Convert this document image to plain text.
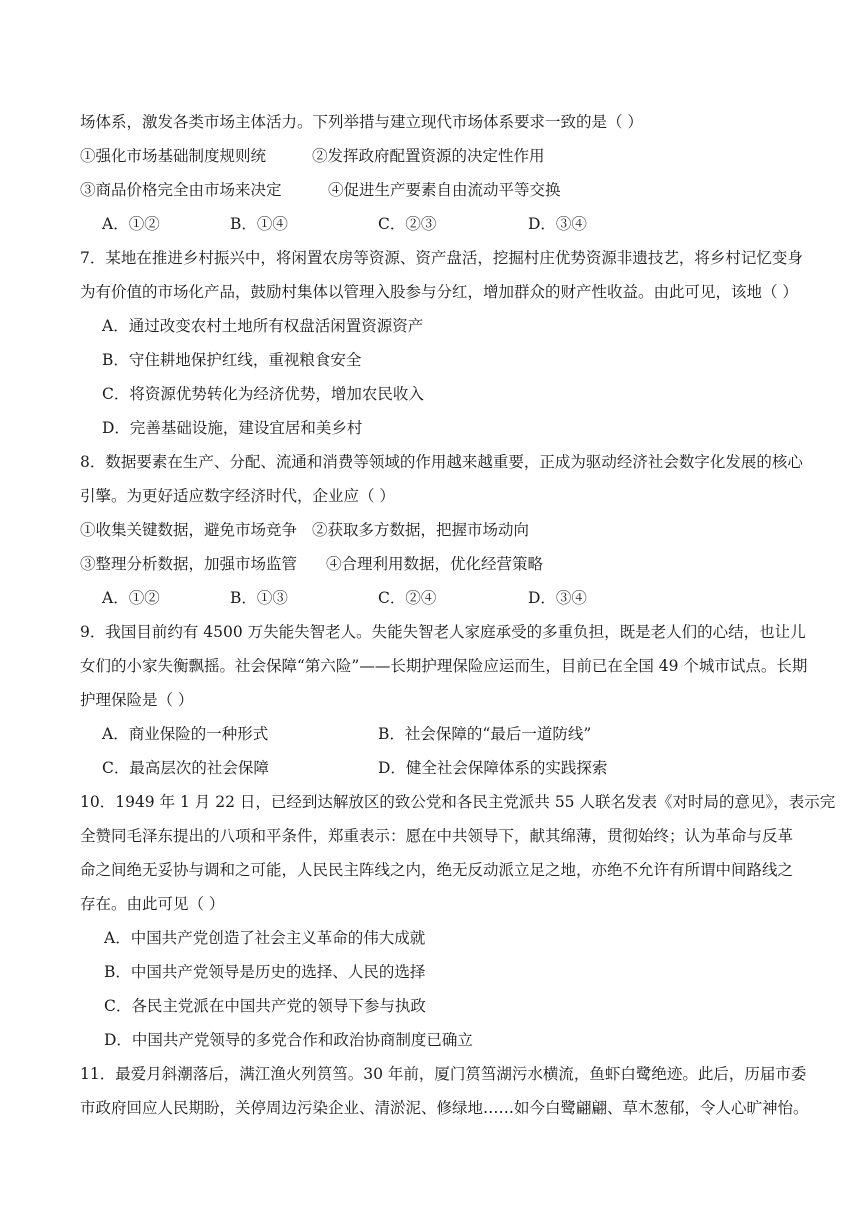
场体系，激发各类市场主体活力。下列举措与建立现代市场体系要求一致的是（ ）
①强化市场基础制度规则统	②发挥政府配置资源的决定性作用
③商品价格完全由市场来决定	④促进生产要素自由流动平等交换
A．①②	B．①④	C．②③	D．③④
7．某地在推进乡村振兴中，将闲置农房等资源、资产盘活，挖掘村庄优势资源非遗技艺，将乡村记忆变身
为有价值的市场化产品，鼓励村集体以管理入股参与分红，增加群众的财产性收益。由此可见，该地（ ）
A．通过改变农村土地所有权盘活闲置资源资产
B．守住耕地保护红线，重视粮食安全
C．将资源优势转化为经济优势，增加农民收入
D．完善基础设施，建设宜居和美乡村
8．数据要素在生产、分配、流通和消费等领域的作用越来越重要，正成为驱动经济社会数字化发展的核心
引擎。为更好适应数字经济时代，企业应（ ）
①收集关键数据，避免市场竞争 ②获取多方数据，把握市场动向
③整理分析数据，加强市场监管 ④合理利用数据，优化经营策略
A．①②	B．①③	C．②④	D．③④
9．我国目前约有 4500 万失能失智老人。失能失智老人家庭承受的多重负担，既是老人们的心结，也让儿
女们的小家失衡飘摇。社会保障“第六险”——长期护理保险应运而生，目前已在全国 49 个城市试点。长期
护理保险是（ ）
A．商业保险的一种形式	B．社会保障的“最后一道防线”
C．最高层次的社会保障	D．健全社会保障体系的实践探索
10．1949 年 1 月 22 日，已经到达解放区的致公党和各民主党派共 55 人联名发表《对时局的意见》，表示完
全赞同毛泽东提出的八项和平条件，郑重表示：愿在中共领导下，献其绵薄，贯彻始终；认为革命与反革
命之间绝无妥协与调和之可能，人民民主阵线之内，绝无反动派立足之地，亦绝不允许有所谓中间路线之
存在。由此可见（ ）
A．中国共产党创造了社会主义革命的伟大成就
B．中国共产党领导是历史的选择、人民的选择
C．各民主党派在中国共产党的领导下参与执政
D．中国共产党领导的多党合作和政治协商制度已确立
11．最爱月斜潮落后，满江渔火列筼筜。30 年前，厦门筼筜湖污水横流，鱼虾白鹭绝迹。此后，历届市委
市政府回应人民期盼，关停周边污染企业、清淤泥、修绿地……如今白鹭翩翩、草木葱郁，令人心旷神怡。
